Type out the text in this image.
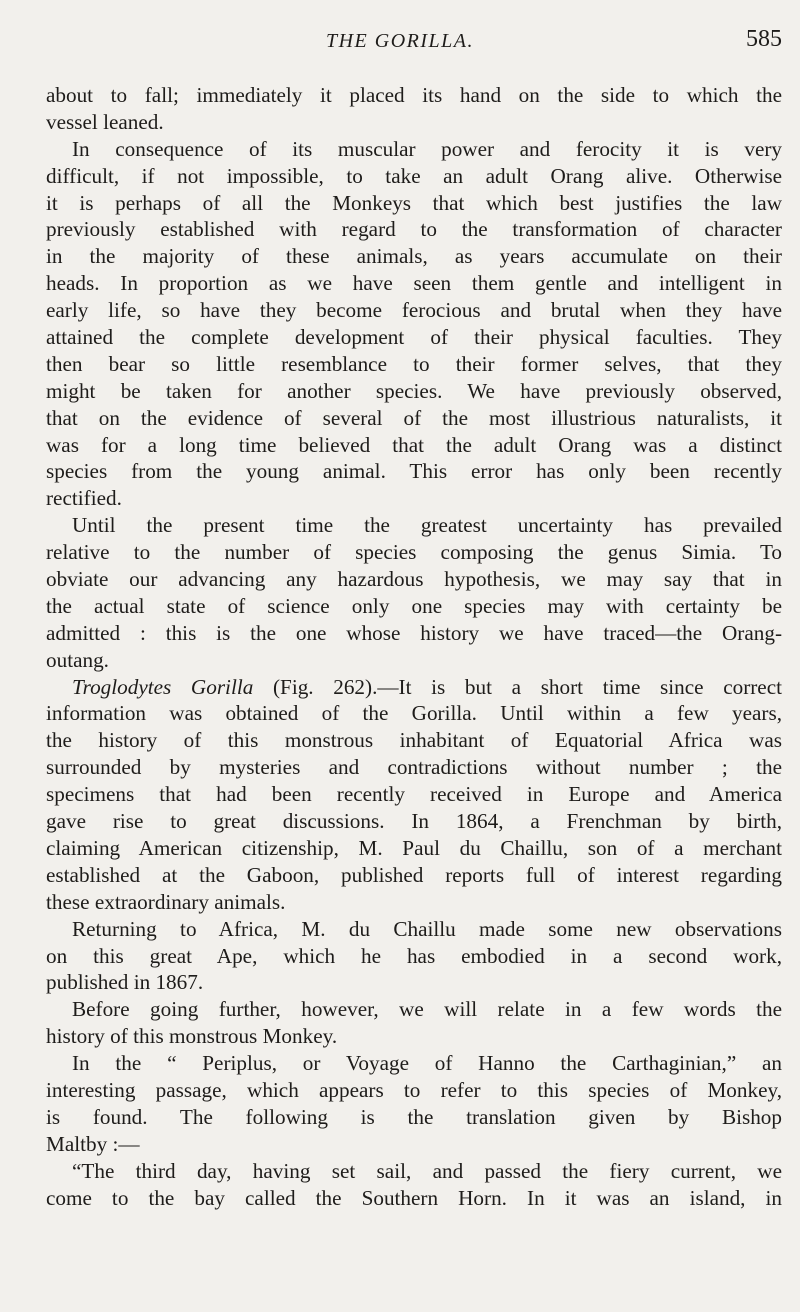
THE GORILLA.	585
about to fall; immediately it placed its hand on the side to which the
vessel leaned.
In consequence of its muscular power and ferocity it is very
difficult, if not impossible, to take an adult Orang alive. Otherwise
it is perhaps of all the Monkeys that which best justifies the law
previously established with regard to the transformation of character
in the majority of these animals, as years accumulate on their
heads. In proportion as we have seen them gentle and intelligent in
early life, so have they become ferocious and brutal when they have
attained the complete development of their physical faculties. They
then bear so little resemblance to their former selves, that they
might be taken for another species. We have previously observed,
that on the evidence of several of the most illustrious naturalists, it
was for a long time believed that the adult Orang was a distinct
species from the young animal. This error has only been recently
rectified.
Until the present time the greatest uncertainty has prevailed
relative to the number of species composing the genus Simia. To
obviate our advancing any hazardous hypothesis, we may say that in
the actual state of science only one species may with certainty be
admitted : this is the one whose history we have traced—the Orang-
outang.
Troglodytes Gorilla (Fig. 262).—It is but a short time since correct
information was obtained of the Gorilla. Until within a few years,
the history of this monstrous inhabitant of Equatorial Africa was
surrounded by mysteries and contradictions without number ; the
specimens that had been recently received in Europe and America
gave rise to great discussions. In 1864, a Frenchman by birth,
claiming American citizenship, M. Paul du Chaillu, son of a merchant
established at the Gaboon, published reports full of interest regarding
these extraordinary animals.
Returning to Africa, M. du Chaillu made some new observations
on this great Ape, which he has embodied in a second work,
published in 1867.
Before going further, however, we will relate in a few words the
history of this monstrous Monkey.
In the “ Periplus, or Voyage of Hanno the Carthaginian,” an
interesting passage, which appears to refer to this species of Monkey,
is found. The following is the translation given by Bishop
Maltby :—
“The third day, having set sail, and passed the fiery current, we
come to the bay called the Southern Horn. In it was an island, in
